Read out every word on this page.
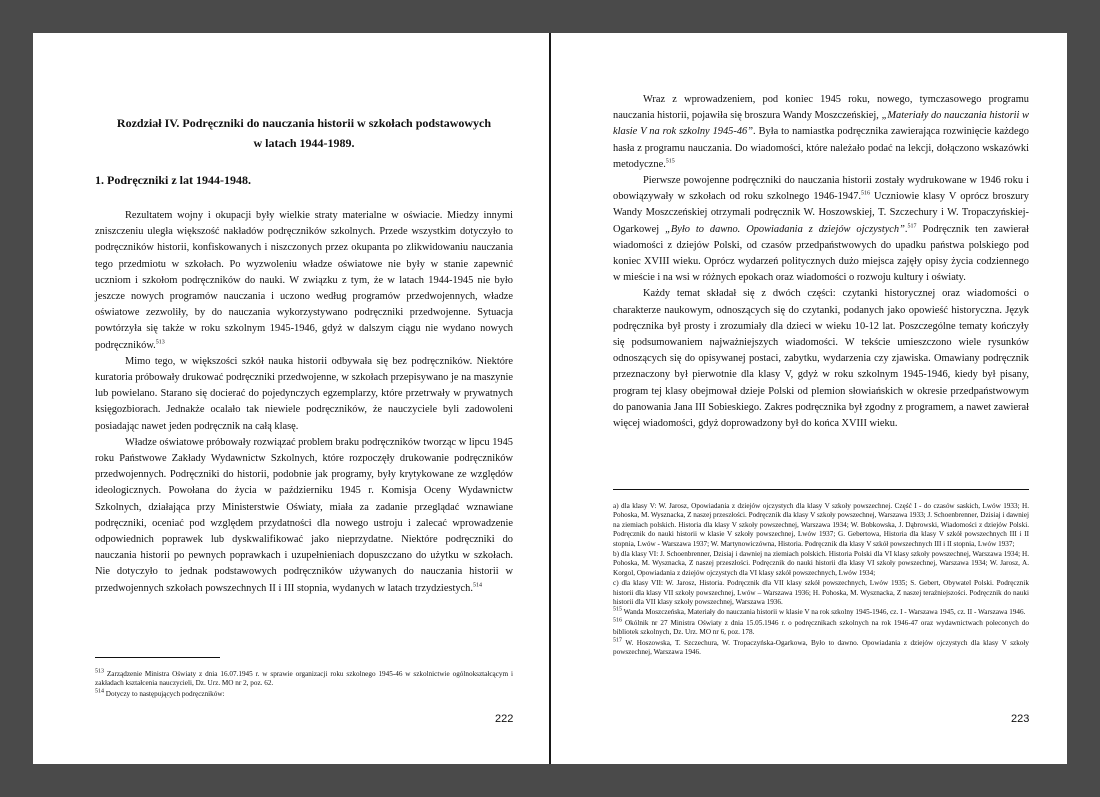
Rozdział IV. Podręczniki do nauczania historii w szkołach podstawowych
w latach 1944-1989.
1. Podręczniki z lat 1944-1948.

Rezultatem wojny i okupacji były wielkie straty materialne w oświacie. Miedzy innymi zniszczeniu uległa większość nakładów podręczników szkolnych. Przede wszystkim dotyczyło to podręczników historii, konfiskowanych i niszczonych przez okupanta po zlikwidowaniu nauczania tego przedmiotu w szkołach. Po wyzwoleniu władze oświatowe nie były w stanie zapewnić uczniom i szkołom podręczników do nauki. W związku z tym, że w latach 1944-1945 nie było jeszcze nowych programów nauczania i uczono według programów przedwojennych, władze oświatowe zezwoliły, by do nauczania wykorzystywano podręczniki przedwojenne. Sytuacja powtórzyła się także w roku szkolnym 1945-1946, gdyż w dalszym ciągu nie wydano nowych podręczników.$^{513}$

Mimo tego, w większości szkół nauka historii odbywała się bez podręczników. Niektóre kuratoria próbowały drukować podręczniki przedwojenne, w szkołach przepisywano je na maszynie lub powielano. Starano się docierać do pojedynczych egzemplarzy, które przetrwały w prywatnych księgozbiorach. Jednakże ocalało tak niewiele podręczników, że nauczyciele byli zadowoleni posiadając nawet jeden podręcznik na całą klasę.

Władze oświatowe próbowały rozwiązać problem braku podręczników tworząc w lipcu 1945 roku Państwowe Zakłady Wydawnictw Szkolnych, które rozpoczęły drukowanie podręczników przedwojennych. Podręczniki do historii, podobnie jak programy, były krytykowane ze względów ideologicznych. Powołana do życia w październiku 1945 r. Komisja Oceny Wydawnictw Szkolnych, działająca przy Ministerstwie Oświaty, miała za zadanie przeglądać wznawiane podręczniki, oceniać pod względem przydatności dla nowego ustroju i zalecać wprowadzenie odpowiednich poprawek lub dyskwalifikować jako nieprzydatne. Niektóre podręczniki do nauczania historii po pewnych poprawkach i uzupełnieniach dopuszczano do użytku w szkołach. Nie dotyczyło to jednak podstawowych podręczników używanych do nauczania historii w przedwojennych szkołach powszechnych II i III stopnia, wydanych w latach trzydziestych.$^{514}$

$^{513}$ Zarządzenie Ministra Oświaty z dnia 16.07.1945 r. w sprawie organizacji roku szkolnego 1945-46 w szkolnictwie ogólnokształcącym i zakładach kształcenia nauczycieli, Dz. Urz. MO nr 2, poz. 62.

$^{514}$ Dotyczy to następujących podręczników:

222

Wraz z wprowadzeniem, pod koniec 1945 roku, nowego, tymczasowego programu nauczania historii, pojawiła się broszura Wandy Moszczeńskiej, „Materiały do nauczania historii w klasie V na rok szkolny 1945-46”. Była to namiastka podręcznika zawierająca rozwinięcie każdego hasła z programu nauczania. Do wiadomości, które należało podać na lekcji, dołączono wskazówki metodyczne.$^{515}$

Pierwsze powojenne podręczniki do nauczania historii zostały wydrukowane w 1946 roku i obowiązywały w szkołach od roku szkolnego 1946-1947.$^{516}$ Uczniowie klasy V oprócz broszury Wandy Moszczeńskiej otrzymali podręcznik W. Hoszowskiej, T. Szczechury i W. Tropaczyńskiej-Ogarkowej „Było to dawno. Opowiadania z dziejów ojczystych”.$^{517}$ Podręcznik ten zawierał wiadomości z dziejów Polski, od czasów przedpaństwowych do upadku państwa polskiego pod koniec XVIII wieku. Oprócz wydarzeń politycznych dużo miejsca zajęły opisy życia codziennego w mieście i na wsi w różnych epokach oraz wiadomości o rozwoju kultury i oświaty.

Każdy temat składał się z dwóch części: czytanki historycznej oraz wiadomości o charakterze naukowym, odnoszących się do czytanki, podanych jako opowieść historyczna. Język podręcznika był prosty i zrozumiały dla dzieci w wieku 10-12 lat. Poszczególne tematy kończyły się podsumowaniem najważniejszych wiadomości. W tekście umieszczono wiele rysunków odnoszących się do opisywanej postaci, zabytku, wydarzenia czy zjawiska. Omawiany podręcznik przeznaczony był pierwotnie dla klasy V, gdyż w roku szkolnym 1945-1946, kiedy był pisany, program tej klasy obejmował dzieje Polski od plemion słowiańskich w okresie przedpaństwowym do panowania Jana III Sobieskiego. Zakres podręcznika był zgodny z programem, a nawet zawierał więcej wiadomości, gdyż doprowadzony był do końca XVIII wieku.

a) dla klasy V: W. Jarosz, Opowiadania z dziejów ojczystych dla klasy V szkoły powszechnej. Część I - do czasów saskich, Lwów 1933; H. Pohoska, M. Wysznacka, Z naszej przeszłości. Podręcznik dla klasy V szkoły powszechnej, Warszawa 1933; J. Schoenbrenner, Dzisiaj i dawniej na ziemiach polskich. Historia dla klasy V szkoły powszechnej, Warszawa 1934; W. Bobkowska, J. Dąbrowski, Wiadomości z dziejów Polski. Podręcznik do nauki historii w klasie V szkoły powszechnej, Lwów 1937; G. Gebertowa, Historia dla klasy V szkół powszechnych III i II stopnia, Lwów - Warszawa 1937; W. Martynowiczówna, Historia. Podręcznik dla klasy V szkół powszechnych III i II stopnia, Lwów 1937;

b) dla klasy VI: J. Schoenbrenner, Dzisiaj i dawniej na ziemiach polskich. Historia Polski dla VI klasy szkoły powszechnej, Warszawa 1934; H. Pohoska, M. Wysznacka, Z naszej przeszłości. Podręcznik do nauki historii dla klasy VI szkoły powszechnej, Warszawa 1934; W. Jarosz, A. Korgol, Opowiadania z dziejów ojczystych dla VI klasy szkół powszechnych, Lwów 1934;

c) dla klasy VII: W. Jarosz, Historia. Podręcznik dla VII klasy szkół powszechnych, Lwów 1935; S. Gebert, Obywatel Polski. Podręcznik historii dla klasy VII szkoły powszechnej, Lwów – Warszawa 1936; H. Pohoska, M. Wysznacka, Z naszej teraźniejszości. Podręcznik do nauki historii dla VII klasy szkoły powszechnej, Warszawa 1936.

$^{515}$ Wanda Moszczeńska, Materiały do nauczania historii w klasie V na rok szkolny 1945-1946, cz. I - Warszawa 1945, cz. II - Warszawa 1946.

$^{516}$ Okólnik nr 27 Ministra Oświaty z dnia 15.05.1946 r. o podręcznikach szkolnych na rok 1946-47 oraz wydawnictwach poleconych do bibliotek szkolnych, Dz. Urz. MO nr 6, poz. 178.

$^{517}$ W. Hoszowska, T. Szczechura, W. Tropaczyńska-Ogarkowa, Było to dawno. Opowiadania z dziejów ojczystych dla klasy V szkoły powszechnej, Warszawa 1946.

223
